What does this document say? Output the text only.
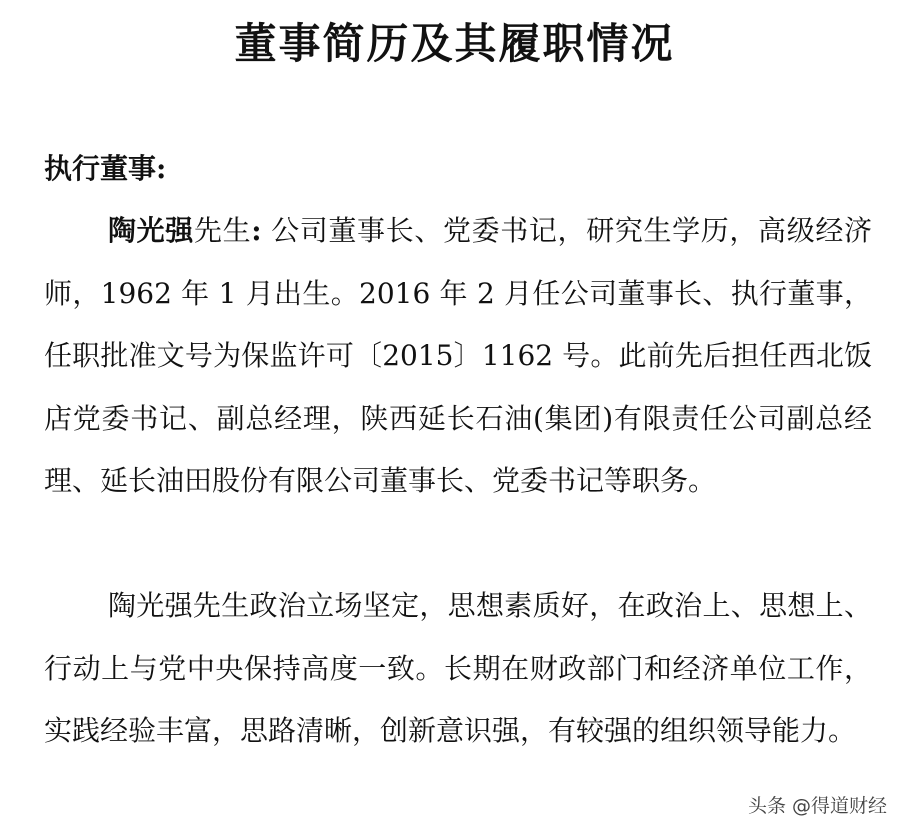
董事简历及其履职情况
执行董事:

陶光强先生: 公司董事长、党委书记，研究生学历，高级经济师，1962 年 1 月出生。2016 年 2 月任公司董事长、执行董事，任职批准文号为保监许可〔2015〕1162 号。此前先后担任西北饭店党委书记、副总经理，陕西延长石油(集团)有限责任公司副总经理、延长油田股份有限公司董事长、党委书记等职务。

陶光强先生政治立场坚定，思想素质好，在政治上、思想上、行动上与党中央保持高度一致。长期在财政部门和经济单位工作，实践经验丰富，思路清晰，创新意识强，有较强的组织领导能力。

头条 @得道财经
